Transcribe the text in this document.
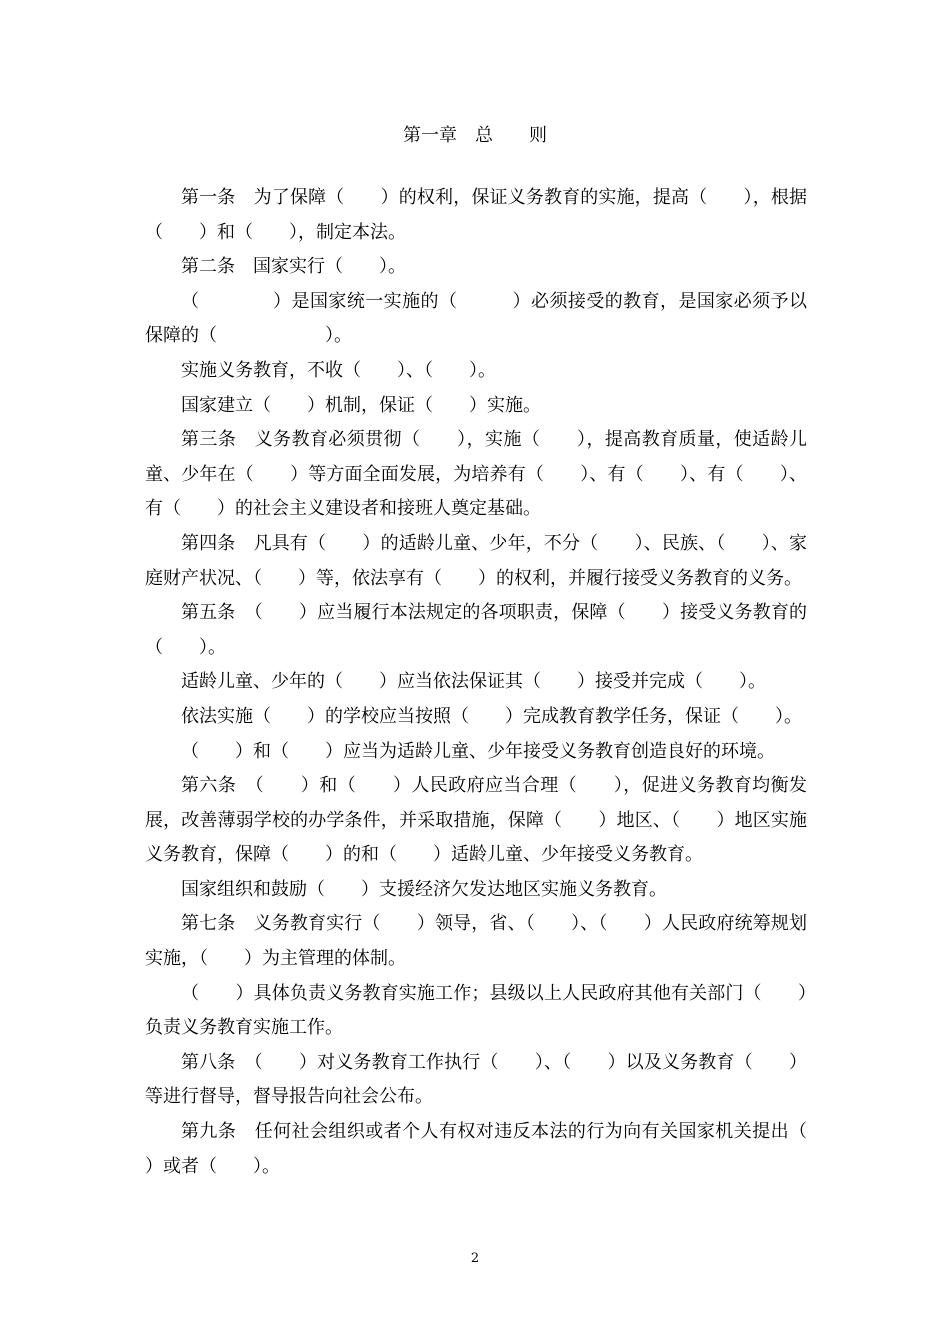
第一章　总　　则

第一条　为了保障（　　）的权利，保证义务教育的实施，提高（　　），根据（　　）和（　　），制定本法。

第二条　国家实行（　　）。

（　　　　）是国家统一实施的（　　　）必须接受的教育，是国家必须予以保障的（　　　　　　）。

实施义务教育，不收（　　）、（　　）。

国家建立（　　）机制，保证（　　）实施。

第三条　义务教育必须贯彻（　　），实施（　　），提高教育质量，使适龄儿童、少年在（　　）等方面全面发展，为培养有（　　）、有（　　）、有（　　）、有（　　）的社会主义建设者和接班人奠定基础。

第四条　凡具有（　　）的适龄儿童、少年，不分（　　）、民族、（　　）、家庭财产状况、（　　）等，依法享有（　　）的权利，并履行接受义务教育的义务。

第五条　（　　）应当履行本法规定的各项职责，保障（　　）接受义务教育的（　　）。

适龄儿童、少年的（　　）应当依法保证其（　　）接受并完成（　　）。

依法实施（　　）的学校应当按照（　　）完成教育教学任务，保证（　　）。

（　　）和（　　）应当为适龄儿童、少年接受义务教育创造良好的环境。

第六条　（　　）和（　　）人民政府应当合理（　　），促进义务教育均衡发展，改善薄弱学校的办学条件，并采取措施，保障（　　）地区、（　　）地区实施义务教育，保障（　　）的和（　　）适龄儿童、少年接受义务教育。

国家组织和鼓励（　　）支援经济欠发达地区实施义务教育。

第七条　义务教育实行（　　）领导，省、（　　）、（　　）人民政府统筹规划实施，（　　）为主管理的体制。

（　　）具体负责义务教育实施工作；县级以上人民政府其他有关部门（　　）负责义务教育实施工作。

第八条　（　　）对义务教育工作执行（　　）、（　　）以及义务教育（　　）等进行督导，督导报告向社会公布。

第九条　任何社会组织或者个人有权对违反本法的行为向有关国家机关提出（　　）或者（　　）。

2
